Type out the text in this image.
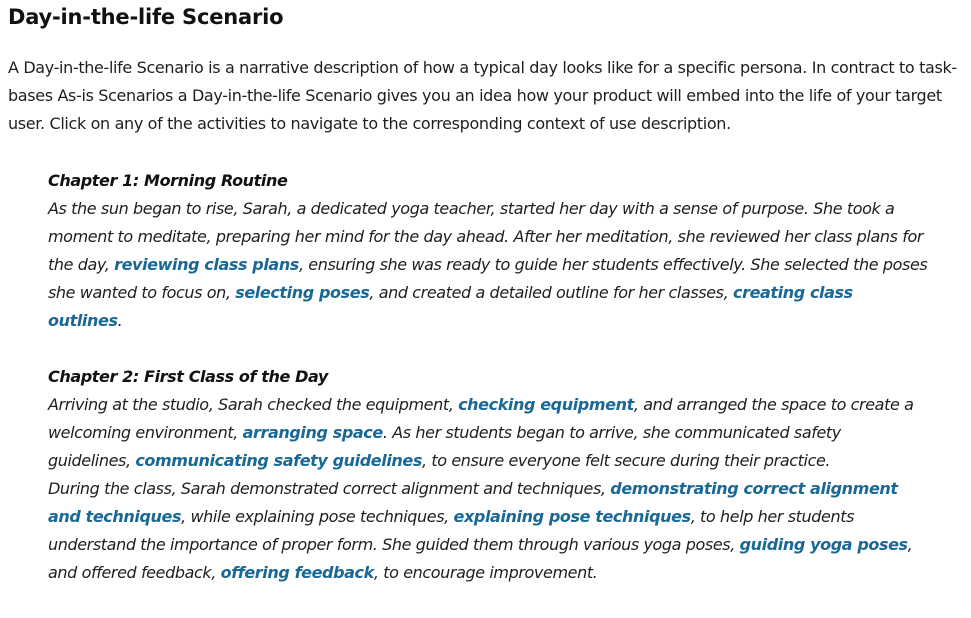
Day-in-the-life Scenario

A Day-in-the-life Scenario is a narrative description of how a typical day looks like for a specific persona. In contract to task-bases As-is Scenarios a Day-in-the-life Scenario gives you an idea how your product will embed into the life of your target user. Click on any of the activities to navigate to the corresponding context of use description.

Chapter 1: Morning Routine
As the sun began to rise, Sarah, a dedicated yoga teacher, started her day with a sense of purpose. She took a moment to meditate, preparing her mind for the day ahead. After her meditation, she reviewed her class plans for the day, reviewing class plans, ensuring she was ready to guide her students effectively. She selected the poses she wanted to focus on, selecting poses, and created a detailed outline for her classes, creating class outlines.
Chapter 2: First Class of the Day
Arriving at the studio, Sarah checked the equipment, checking equipment, and arranged the space to create a welcoming environment, arranging space. As her students began to arrive, she communicated safety guidelines, communicating safety guidelines, to ensure everyone felt secure during their practice.
During the class, Sarah demonstrated correct alignment and techniques, demonstrating correct alignment and techniques, while explaining pose techniques, explaining pose techniques, to help her students understand the importance of proper form. She guided them through various yoga poses, guiding yoga poses, and offered feedback, offering feedback, to encourage improvement.
